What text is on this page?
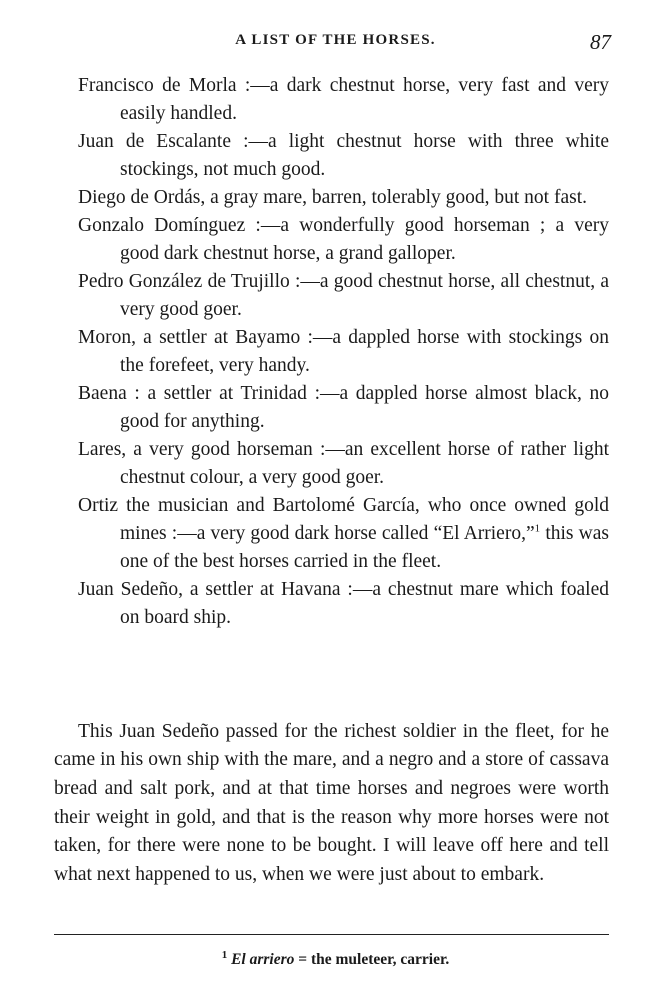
A LIST OF THE HORSES.	87

Francisco de Morla :—a dark chestnut horse, very fast and very easily handled.

Juan de Escalante :—a light chestnut horse with three white stockings, not much good.

Diego de Ordás, a gray mare, barren, tolerably good, but not fast.

Gonzalo Domínguez :—a wonderfully good horseman ; a very good dark chestnut horse, a grand galloper.

Pedro González de Trujillo :—a good chestnut horse, all chestnut, a very good goer.

Moron, a settler at Bayamo :—a dappled horse with stockings on the forefeet, very handy.

Baena : a settler at Trinidad :—a dappled horse almost black, no good for anything.

Lares, a very good horseman :—an excellent horse of rather light chestnut colour, a very good goer.

Ortiz the musician and Bartolomé García, who once owned gold mines :—a very good dark horse called “El Arriero,”$^1$ this was one of the best horses carried in the fleet.

Juan Sedeño, a settler at Havana :—a chestnut mare which foaled on board ship.

This Juan Sedeño passed for the richest soldier in the fleet, for he came in his own ship with the mare, and a negro and a store of cassava bread and salt pork, and at that time horses and negroes were worth their weight in gold, and that is the reason why more horses were not taken, for there were none to be bought. I will leave off here and tell what next happened to us, when we were just about to embark.

$^1$ El arriero = the muleteer, carrier.
